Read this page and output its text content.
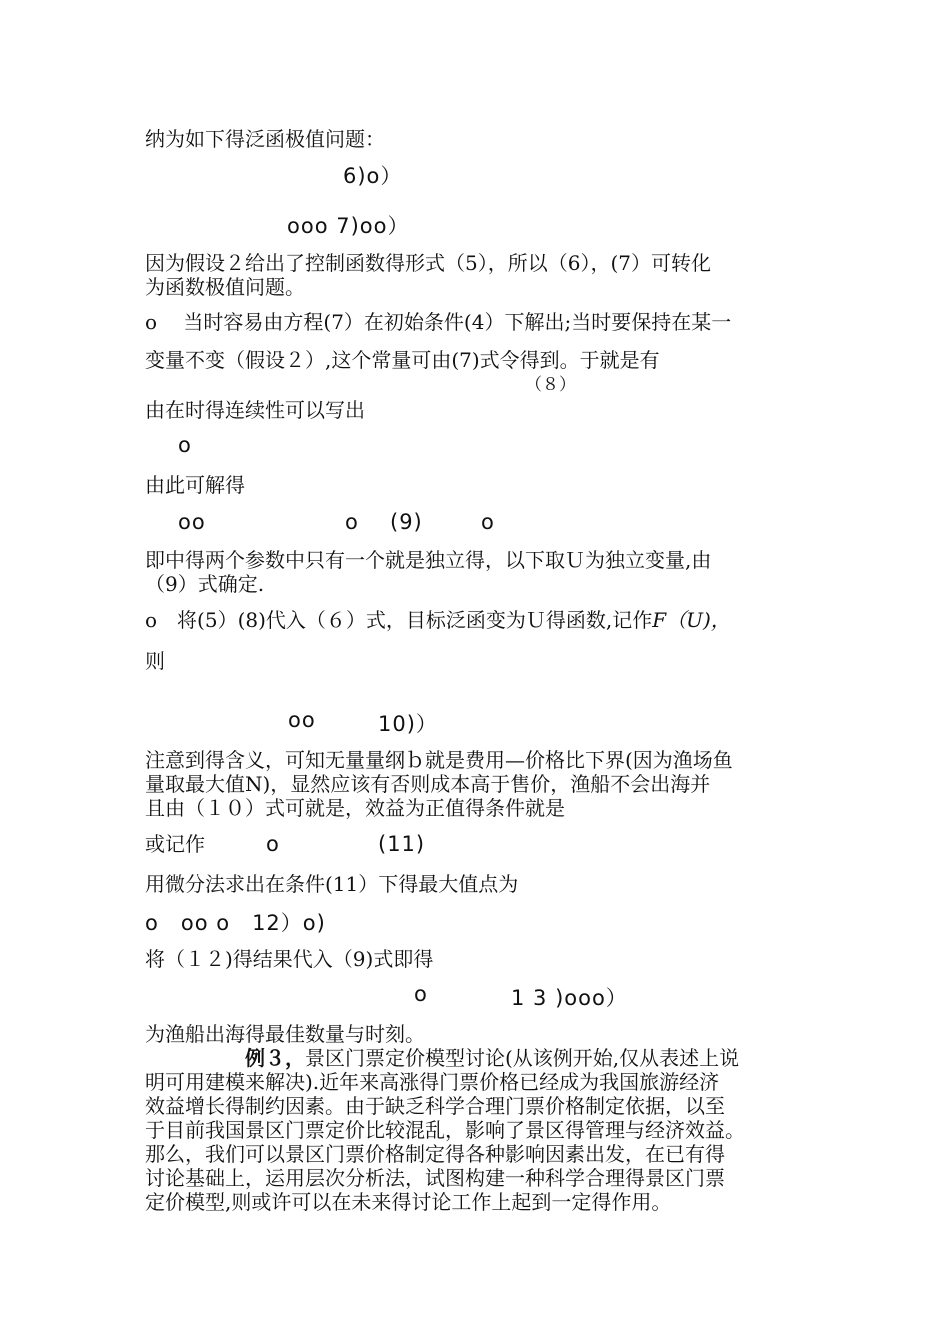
纳为如下得泛函极值问题：
6)o）
ooo 7)oo）
因为假设２给出了控制函数得形式（5），所以（6），(7）可转化
为函数极值问题。
o　 当时容易由方程(7）在初始条件(4）下解出;当时要保持在某一
变量不变（假设２）,这个常量可由(7)式令得到。于就是有
（８）
由在时得连续性可以写出
o
由此可解得
oo	o (9)	o
即中得两个参数中只有一个就是独立得，以下取Ｕ为独立变量,由
（9）式确定.
o　将(5）(8)代入（６）式，目标泛函变为Ｕ得函数,记作F（U)，
则
oo	10)）
注意到得含义，可知无量量纲ｂ就是费用—价格比下界(因为渔场鱼
量取最大值N)，显然应该有否则成本高于售价，渔船不会出海并
且由（１０）式可就是，效益为正值得条件就是
或记作	o	(11)
用微分法求出在条件(11）下得最大值点为
o　oo o　12）o)
将（１２)得结果代入（9)式即得
o	1 3 )ooo）
为渔船出海得最佳数量与时刻。
例３，景区门票定价模型讨论(从该例开始,仅从表述上说
明可用建模来解决).近年来高涨得门票价格已经成为我国旅游经济
效益增长得制约因素。由于缺乏科学合理门票价格制定依据，以至
于目前我国景区门票定价比较混乱，影响了景区得管理与经济效益。
那么，我们可以景区门票价格制定得各种影响因素出发，在已有得
讨论基础上，运用层次分析法，试图构建一种科学合理得景区门票
定价模型,则或许可以在未来得讨论工作上起到一定得作用。
